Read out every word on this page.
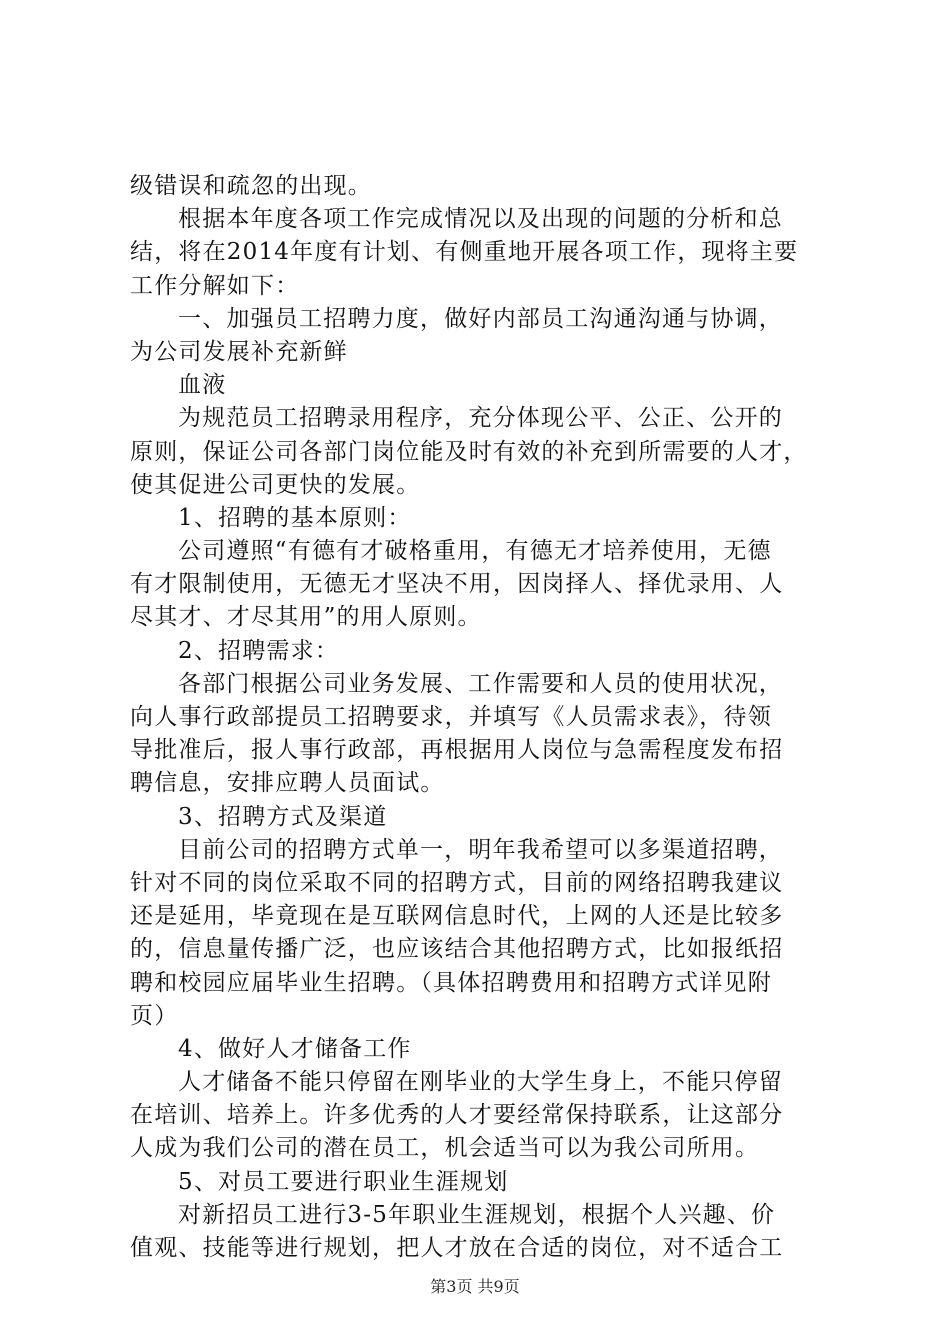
级错误和疏忽的出现。
根据本年度各项工作完成情况以及出现的问题的分析和总
结，将在2014年度有计划、有侧重地开展各项工作，现将主要
工作分解如下：
一、加强员工招聘力度，做好内部员工沟通沟通与协调，
为公司发展补充新鲜
血液
为规范员工招聘录用程序，充分体现公平、公正、公开的
原则，保证公司各部门岗位能及时有效的补充到所需要的人才，
使其促进公司更快的发展。
1、招聘的基本原则：
公司遵照“有德有才破格重用，有德无才培养使用，无德
有才限制使用，无德无才坚决不用，因岗择人、择优录用、人
尽其才、才尽其用”的用人原则。
2、招聘需求：
各部门根据公司业务发展、工作需要和人员的使用状况，
向人事行政部提员工招聘要求，并填写《人员需求表》，待领
导批准后，报人事行政部，再根据用人岗位与急需程度发布招
聘信息，安排应聘人员面试。
3、招聘方式及渠道
目前公司的招聘方式单一，明年我希望可以多渠道招聘，
针对不同的岗位采取不同的招聘方式，目前的网络招聘我建议
还是延用，毕竟现在是互联网信息时代，上网的人还是比较多
的，信息量传播广泛，也应该结合其他招聘方式，比如报纸招
聘和校园应届毕业生招聘。（具体招聘费用和招聘方式详见附
页）
4、做好人才储备工作
人才储备不能只停留在刚毕业的大学生身上，不能只停留
在培训、培养上。许多优秀的人才要经常保持联系，让这部分
人成为我们公司的潜在员工，机会适当可以为我公司所用。
5、对员工要进行职业生涯规划
对新招员工进行3-5年职业生涯规划，根据个人兴趣、价
值观、技能等进行规划，把人才放在合适的岗位，对不适合工
第3页 共9页
